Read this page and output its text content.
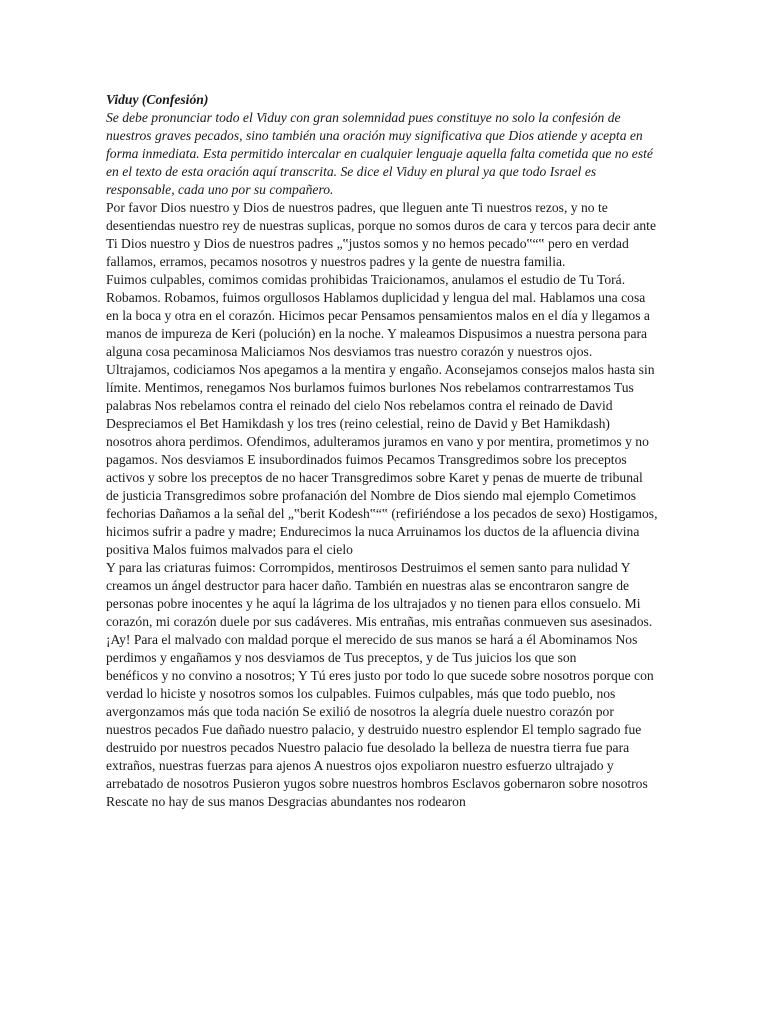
Viduy (Confesión)

Se debe pronunciar todo el Viduy con gran solemnidad pues constituye no solo la confesión de nuestros graves pecados, sino también una oración muy significativa que Dios atiende y acepta en forma inmediata. Esta permitido intercalar en cualquier lenguaje aquella falta cometida que no esté en el texto de esta oración aquí transcrita. Se dice el Viduy en plural ya que todo Israel es responsable, cada uno por su compañero.

Por favor Dios nuestro y Dios de nuestros padres, que lleguen ante Ti nuestros rezos, y no te desentiendas nuestro rey de nuestras suplicas, porque no somos duros de cara y tercos para decir ante Ti Dios nuestro y Dios de nuestros padres „‟justos somos y no hemos pecado‟“‟ pero en verdad fallamos, erramos, pecamos nosotros y nuestros padres y la gente de nuestra familia.

Fuimos culpables, comimos comidas prohibidas Traicionamos, anulamos el estudio de Tu Torá.

Robamos. Robamos, fuimos orgullosos Hablamos duplicidad y lengua del mal. Hablamos una cosa en la boca y otra en el corazón. Hicimos pecar Pensamos pensamientos malos en el día y llegamos a manos de impureza de Keri (polución) en la noche. Y maleamos Dispusimos a nuestra persona para alguna cosa pecaminosa Maliciamos Nos desviamos tras nuestro corazón y nuestros ojos. Ultrajamos, codiciamos Nos apegamos a la mentira y engaño. Aconsejamos consejos malos hasta sin límite. Mentimos, renegamos Nos burlamos fuimos burlones Nos rebelamos contrarrestamos Tus palabras Nos rebelamos contra el reinado del cielo Nos rebelamos contra el reinado de David

Despreciamos el Bet Hamikdash y los tres (reino celestial, reino de David y Bet Hamikdash) nosotros ahora perdimos. Ofendimos, adulteramos juramos en vano y por mentira, prometimos y no pagamos. Nos desviamos E insubordinados fuimos Pecamos Transgredimos sobre los preceptos activos y sobre los preceptos de no hacer Transgredimos sobre Karet y penas de muerte de tribunal de justicia Transgredimos sobre profanación del Nombre de Dios siendo mal ejemplo Cometimos fechorias Dañamos a la señal del „‟berit Kodesh‟“‟ (refiriéndose a los pecados de sexo) Hostigamos, hicimos sufrir a padre y madre; Endurecimos la nuca Arruinamos los ductos de la afluencia divina positiva Malos fuimos malvados para el cielo

Y para las criaturas fuimos: Corrompidos, mentirosos Destruimos el semen santo para nulidad Y creamos un ángel destructor para hacer daño. También en nuestras alas se encontraron sangre de personas pobre inocentes y he aquí la lágrima de los ultrajados y no tienen para ellos consuelo. Mi corazón, mi corazón duele por sus cadáveres. Mis entrañas, mis entrañas conmueven sus asesinados.

¡Ay! Para el malvado con maldad porque el merecido de sus manos se hará a él Abominamos Nos perdimos y engañamos y nos desviamos de Tus preceptos, y de Tus juicios los que son

benéficos y no convino a nosotros; Y Tú eres justo por todo lo que sucede sobre nosotros porque con verdad lo hiciste y nosotros somos los culpables. Fuimos culpables, más que todo pueblo, nos avergonzamos más que toda nación Se exilió de nosotros la alegría duele nuestro corazón por nuestros pecados Fue dañado nuestro palacio, y destruido nuestro esplendor El templo sagrado fue destruido por nuestros pecados Nuestro palacio fue desolado la belleza de nuestra tierra fue para extraños, nuestras fuerzas para ajenos A nuestros ojos expoliaron nuestro esfuerzo ultrajado y arrebatado de nosotros Pusieron yugos sobre nuestros hombros Esclavos gobernaron sobre nosotros Rescate no hay de sus manos Desgracias abundantes nos rodearon
